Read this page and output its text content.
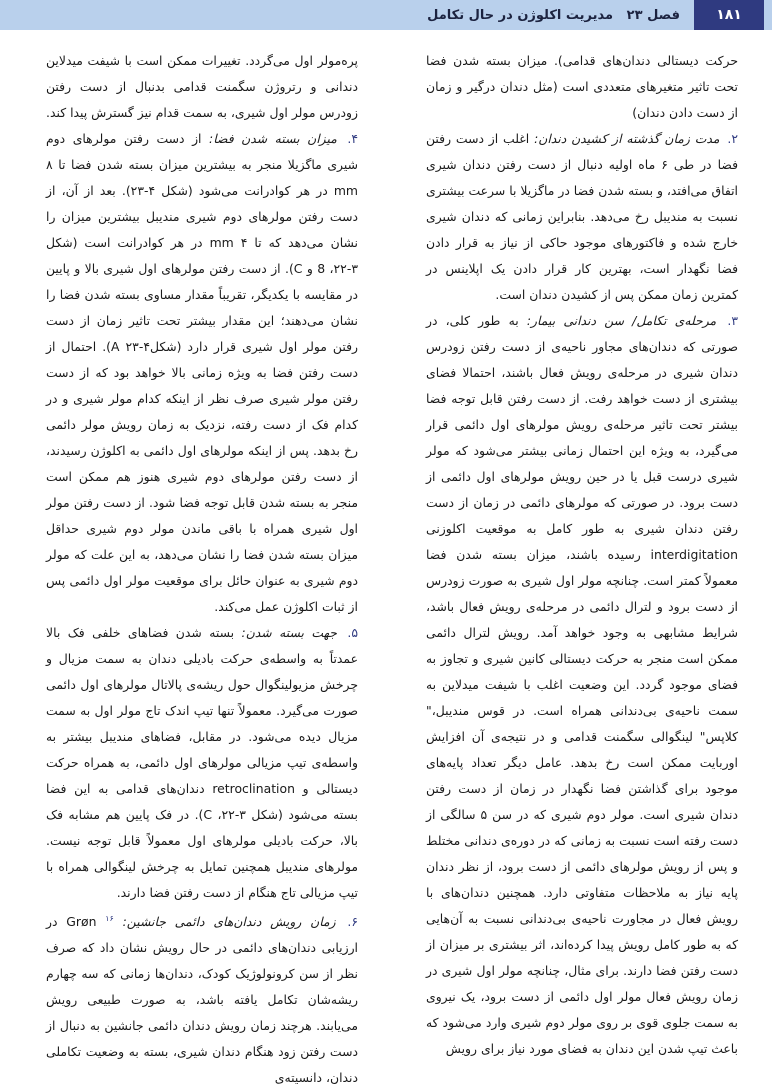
۱۸۱
فصل ۲۳

مدیریت اکلوژن در حال تکامل

حرکت دیستالی دندان‌های قدامی). میزان بسته شدن فضا تحت تاثیر متغیرهای متعددی است (مثل دندان درگیر و زمان از دست دادن دندان)

۲. مدت زمان گذشته از کشیدن دندان: اغلب از دست رفتن فضا در طی ۶ ماه اولیه دنبال از دست رفتن دندان شیری اتفاق می‌افتد، و بسته شدن فضا در ماگزیلا با سرعت بیشتری نسبت به مندیبل رخ می‌دهد. بنابراین زمانی که دندان شیری خارج شده و فاکتورهای موجود حاکی از نیاز به قرار دادن فضا نگهدار است، بهترین کار قرار دادن یک اپلاینس در کمترین زمان ممکن پس از کشیدن دندان است.

۳. مرحله‌ی تکامل/ سن دندانی بیمار: به طور کلی، در صورتی که دندان‌های مجاور ناحیه‌ی از دست رفتن زودرس دندان شیری در مرحله‌ی رویش فعال باشند، احتمالا فضای بیشتری از دست خواهد رفت. از دست رفتن قابل توجه فضا بیشتر تحت تاثیر مرحله‌ی رویش مولرهای اول دائمی قرار می‌گیرد، به ویژه این احتمال زمانی بیشتر می‌شود که مولر شیری درست قبل یا در حین رویش مولرهای اول دائمی از دست برود. در صورتی که مولرهای دائمی در زمان از دست رفتن دندان شیری به طور کامل به موقعیت اکلوزنی interdigitation رسیده باشند، میزان بسته شدن فضا معمولاً کمتر است. چنانچه مولر اول شیری به صورت زودرس از دست برود و لترال دائمی در مرحله‌ی رویش فعال باشد، شرایط مشابهی به وجود خواهد آمد. رویش لترال دائمی ممکن است منجر به حرکت دیستالی کانین شیری و تجاوز به فضای موجود گردد. این وضعیت اغلب با شیفت میدلاین به سمت ناحیه‌ی بی‌دندانی همراه است. در قوس مندیبل،" کلاپس" لینگوالی سگمنت قدامی و در نتیجه‌ی آن افزایش اوربایت ممکن است رخ بدهد. عامل دیگر تعداد پایه‌های موجود برای گذاشتن فضا نگهدار در زمان از دست رفتن دندان شیری است. مولر دوم شیری که در سن ۵ سالگی از دست رفته است نسبت به زمانی که در دوره‌ی دندانی مختلط و پس از رویش مولرهای دائمی از دست برود، از نظر دندان پایه نیاز به ملاحظات متفاوتی دارد. همچنین دندان‌های با رویش فعال در مجاورت ناحیه‌ی بی‌دندانی نسبت به آن‌هایی که به طور کامل رویش پیدا کرده‌اند، اثر بیشتری بر میزان از دست رفتن فضا دارند. برای مثال، چنانچه مولر اول شیری در زمان رویش فعال مولر اول دائمی از دست برود، یک نیروی به سمت جلوی قوی بر روی مولر دوم شیری وارد می‌شود که باعث تیپ شدن این دندان به فضای مورد نیاز برای رویش

پره‌مولر اول می‌گردد. تغییرات ممکن است با شیفت میدلاین دندانی و رتروژن سگمنت قدامی بدنبال از دست رفتن زودرس مولر اول شیری، به سمت قدام نیز گسترش پیدا کند.

۴. میزان بسته شدن فضا: از دست رفتن مولرهای دوم شیری ماگزیلا منجر به بیشترین میزان بسته شدن فضا تا ۸ mm در هر کوادرانت می‌شود (شکل ۴-۲۳). بعد از آن، از دست رفتن مولرهای دوم شیری مندیبل بیشترین میزان را نشان می‌دهد که تا ۴ mm در هر کوادرانت است (شکل ۳-۲۲، 8 و C). از دست رفتن مولرهای اول شیری بالا و پایین در مقایسه با یکدیگر، تقریباً مقدار مساوی بسته شدن فضا را نشان می‌دهند؛ این مقدار بیشتر تحت تاثیر زمان از دست رفتن مولر اول شیری قرار دارد (شکل۴-۲۳ A). احتمال از دست رفتن فضا به ویژه زمانی بالا خواهد بود که از دست رفتن مولر شیری صرف نظر از اینکه کدام مولر شیری و در کدام فک از دست رفته، نزدیک به زمان رویش مولر دائمی رخ بدهد. پس از اینکه مولرهای اول دائمی به اکلوژن رسیدند، از دست رفتن مولرهای دوم شیری هنوز هم ممکن است منجر به بسته شدن قابل توجه فضا شود. از دست رفتن مولر اول شیری همراه با باقی ماندن مولر دوم شیری حداقل میزان بسته شدن فضا را نشان می‌دهد، به این علت که مولر دوم شیری به عنوان حائل برای موقعیت مولر اول دائمی پس از ثبات اکلوژن عمل می‌کند.

۵. جهت بسته شدن: بسته شدن فضاهای خلفی فک بالا عمدتاً به واسطه‌ی حرکت بادیلی دندان به سمت مزیال و چرخش مزیولینگوال حول ریشه‌ی پالاتال مولرهای اول دائمی صورت می‌گیرد. معمولاً تنها تیپ اندک تاج مولر اول به سمت مزیال دیده می‌شود. در مقابل، فضاهای مندیبل بیشتر به واسطه‌ی تیپ مزیالی مولرهای اول دائمی، به همراه حرکت دیستالی و retroclination دندان‌های قدامی به این فضا بسته می‌شود (شکل ۳-۲۲، C). در فک پایین هم مشابه فک بالا، حرکت بادیلی مولرهای اول معمولاً قابل توجه نیست. مولرهای مندیبل همچنین تمایل به چرخش لینگوالی همراه با تیپ مزیالی تاج هنگام از دست رفتن فضا دارند.

۶. زمان رویش دندان‌های دائمی جانشین: Grøn $^{۱۶}$ در ارزیابی دندان‌های دائمی در حال رویش نشان داد که صرف نظر از سن کرونولوژیک کودک، دندان‌ها زمانی که سه چهارم ریشه‌شان تکامل یافته باشد، به صورت طبیعی رویش می‌یابند. هرچند زمان رویش دندان دائمی جانشین به دنبال از دست رفتن زود هنگام دندان شیری، بسته به وضعیت تکاملی دندان، دانسیته‌ی
